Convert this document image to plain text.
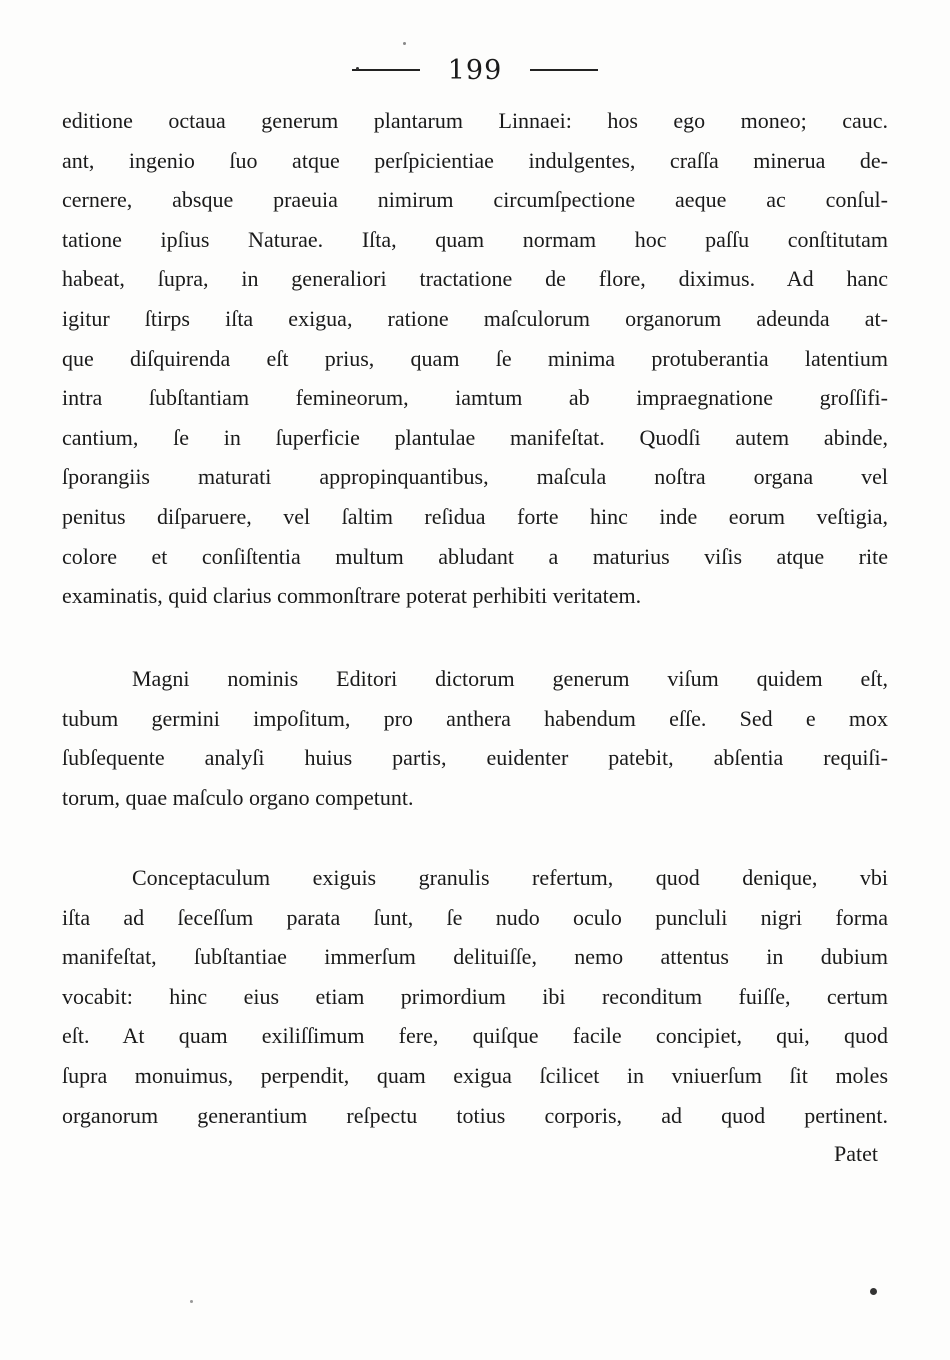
199
editione octaua generum plantarum Linnaei: hos ego moneo; cauc.
ant, ingenio ſuo atque perſpicientiae indulgentes, craſſa minerua de-
cernere, absque praeuia nimirum circumſpectione aeque ac conſul-
tatione ipſius Naturae. Iſta, quam normam hoc paſſu conſtitutam
habeat, ſupra, in generaliori tractatione de flore, diximus. Ad hanc
igitur ſtirps iſta exigua, ratione maſculorum organorum adeunda at-
que diſquirenda eſt prius, quam ſe minima protuberantia latentium
intra ſubſtantiam femineorum, iamtum ab impraegnatione groſſifi-
cantium, ſe in ſuperficie plantulae manifeſtat. Quodſi autem abinde,
ſporangiis maturati appropinquantibus, maſcula noſtra organa vel
penitus diſparuere, vel ſaltim reſidua forte hinc inde eorum veſtigia,
colore et conſiſtentia multum abludant a maturius viſis atque rite
examinatis, quid clarius commonſtrare poterat perhibiti veritatem.
Magni nominis Editori dictorum generum viſum quidem eſt,
tubum germini impoſitum, pro anthera habendum eſſe. Sed e mox
ſubſequente analyſi huius partis, euidenter patebit, abſentia requiſi-
torum, quae maſculo organo competunt.
Conceptaculum exiguis granulis refertum, quod denique, vbi
iſta ad ſeceſſum parata ſunt, ſe nudo oculo puncluli nigri forma
manifeſtat, ſubſtantiae immerſum delituiſſe, nemo attentus in dubium
vocabit: hinc eius etiam primordium ibi reconditum fuiſſe, certum
eſt. At quam exiliſſimum fere, quiſque facile concipiet, qui, quod
ſupra monuimus, perpendit, quam exigua ſcilicet in vniuerſum ſit moles
organorum generantium reſpectu totius corporis, ad quod pertinent.
Patet
